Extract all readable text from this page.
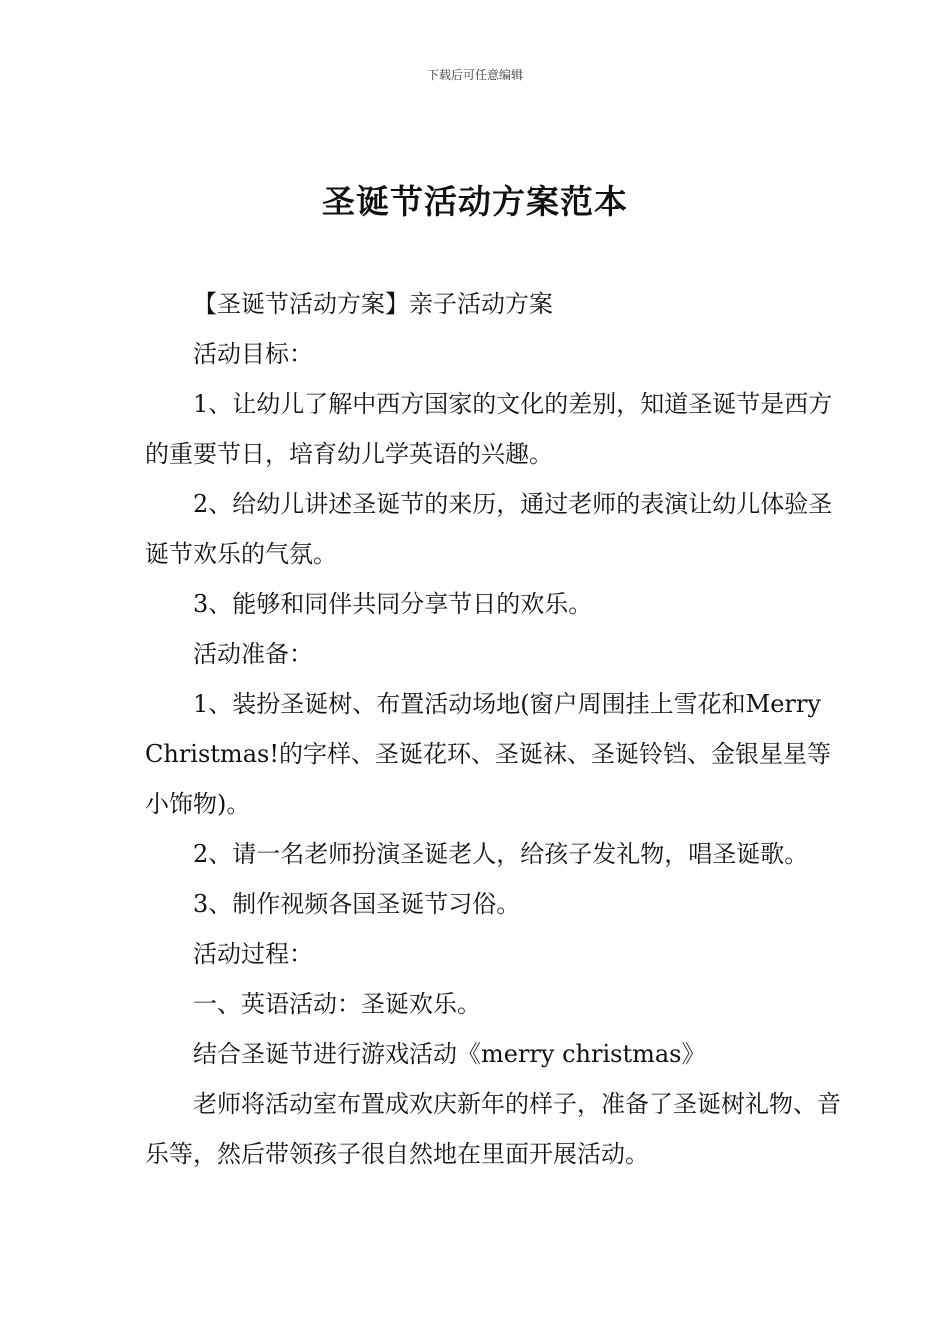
下载后可任意编辑
圣诞节活动方案范本

【圣诞节活动方案】亲子活动方案

活动目标：

1、让幼儿了解中西方国家的文化的差别，知道圣诞节是西方的重要节日，培育幼儿学英语的兴趣。

2、给幼儿讲述圣诞节的来历，通过老师的表演让幼儿体验圣诞节欢乐的气氛。

3、能够和同伴共同分享节日的欢乐。

活动准备：

1、装扮圣诞树、布置活动场地(窗户周围挂上雪花和Merry Christmas!的字样、圣诞花环、圣诞袜、圣诞铃铛、金银星星等小饰物)。

2、请一名老师扮演圣诞老人，给孩子发礼物，唱圣诞歌。

3、制作视频各国圣诞节习俗。

活动过程：

一、英语活动：圣诞欢乐。

结合圣诞节进行游戏活动《merry christmas》

老师将活动室布置成欢庆新年的样子，准备了圣诞树礼物、音乐等，然后带领孩子很自然地在里面开展活动。
